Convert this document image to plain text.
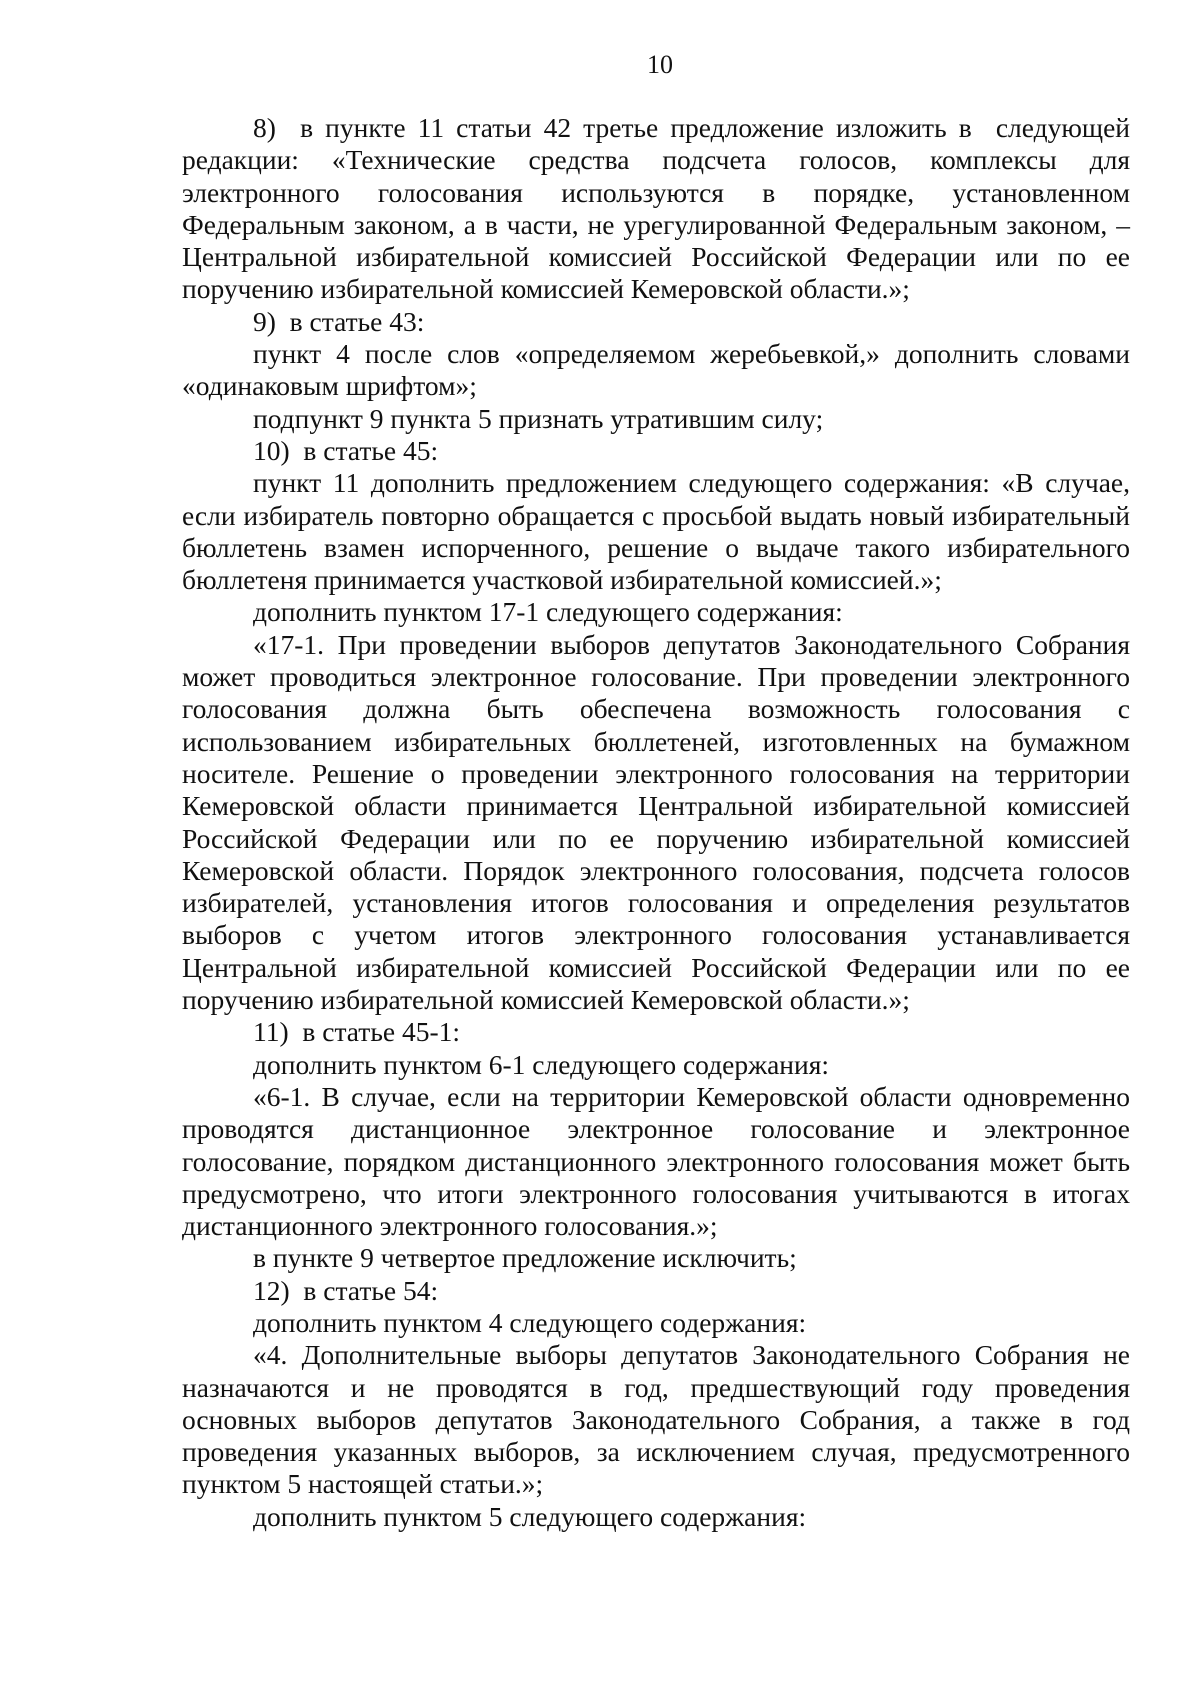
10

8)  в пункте 11 статьи 42 третье предложение изложить в  следующей редакции: «Технические средства подсчета голосов, комплексы для электронного голосования используются в порядке, установленном Федеральным законом, а в части, не урегулированной Федеральным законом, – Центральной избирательной комиссией Российской Федерации или по ее поручению избирательной комиссией Кемеровской области.»;

9)  в статье 43:

пункт 4 после слов «определяемом жеребьевкой,» дополнить словами «одинаковым шрифтом»;

подпункт 9 пункта 5 признать утратившим силу;

10)  в статье 45:

пункт 11 дополнить предложением следующего содержания: «В случае, если избиратель повторно обращается с просьбой выдать новый избирательный бюллетень взамен испорченного, решение о выдаче такого избирательного бюллетеня принимается участковой избирательной комиссией.»;

дополнить пунктом 17-1 следующего содержания:

«17-1. При проведении выборов депутатов Законодательного Собрания может проводиться электронное голосование. При проведении электронного голосования должна быть обеспечена возможность голосования с использованием избирательных бюллетеней, изготовленных на бумажном носителе. Решение о проведении электронного голосования на территории Кемеровской области принимается Центральной избирательной комиссией Российской Федерации или по ее поручению избирательной комиссией Кемеровской области. Порядок электронного голосования, подсчета голосов избирателей, установления итогов голосования и определения результатов выборов с учетом итогов электронного голосования устанавливается Центральной избирательной комиссией Российской Федерации или по ее поручению избирательной комиссией Кемеровской области.»;

11)  в статье 45-1:

дополнить пунктом 6-1 следующего содержания:

«6-1. В случае, если на территории Кемеровской области одновременно проводятся дистанционное электронное голосование и электронное голосование, порядком дистанционного электронного голосования может быть предусмотрено, что итоги электронного голосования учитываются в итогах дистанционного электронного голосования.»;

в пункте 9 четвертое предложение исключить;

12)  в статье 54:

дополнить пунктом 4 следующего содержания:

«4. Дополнительные выборы депутатов Законодательного Собрания не назначаются и не проводятся в год, предшествующий году проведения основных выборов депутатов Законодательного Собрания, а также в год проведения указанных выборов, за исключением случая, предусмотренного пунктом 5 настоящей статьи.»;

дополнить пунктом 5 следующего содержания:
